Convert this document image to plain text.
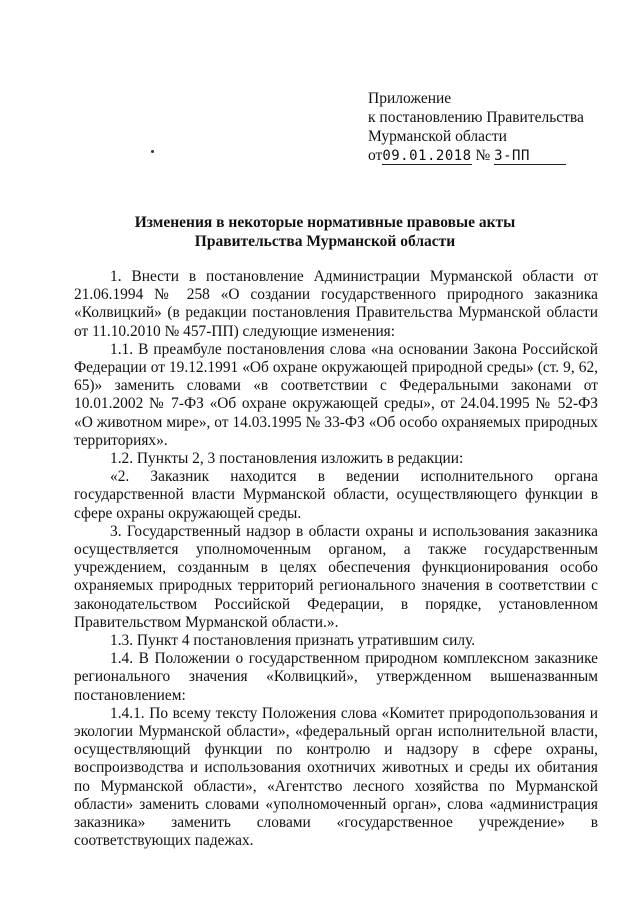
Приложение
к постановлению Правительства
Мурманской области
от09.01.2018 № 3-ПП
Изменения в некоторые нормативные правовые акты
Правительства Мурманской области

1. Внести в постановление Администрации Мурманской области от 21.06.1994 № 258 «О создании государственного природного заказника «Колвицкий» (в редакции постановления Правительства Мурманской области от 11.10.2010 № 457-ПП) следующие изменения:

1.1. В преамбуле постановления слова «на основании Закона Российской Федерации от 19.12.1991 «Об охране окружающей природной среды» (ст. 9, 62, 65)» заменить словами «в соответствии с Федеральными законами от 10.01.2002 № 7-ФЗ «Об охране окружающей среды», от 24.04.1995 № 52-ФЗ «О животном мире», от 14.03.1995 № 33-ФЗ «Об особо охраняемых природных территориях».

1.2. Пункты 2, 3 постановления изложить в редакции:

«2. Заказник находится в ведении исполнительного органа государственной власти Мурманской области, осуществляющего функции в сфере охраны окружающей среды.

3. Государственный надзор в области охраны и использования заказника осуществляется уполномоченным органом, а также государственным учреждением, созданным в целях обеспечения функционирования особо охраняемых природных территорий регионального значения в соответствии с законодательством Российской Федерации, в порядке, установленном Правительством Мурманской области.».

1.3. Пункт 4 постановления признать утратившим силу.

1.4. В Положении о государственном природном комплексном заказнике регионального значения «Колвицкий», утвержденном вышеназванным постановлением:

1.4.1. По всему тексту Положения слова «Комитет природопользования и экологии Мурманской области», «федеральный орган исполнительной власти, осуществляющий функции по контролю и надзору в сфере охраны, воспроизводства и использования охотничих животных и среды их обитания по Мурманской области», «Агентство лесного хозяйства по Мурманской области» заменить словами «уполномоченный орган», слова «администрация заказника» заменить словами «государственное учреждение» в соответствующих падежах.
